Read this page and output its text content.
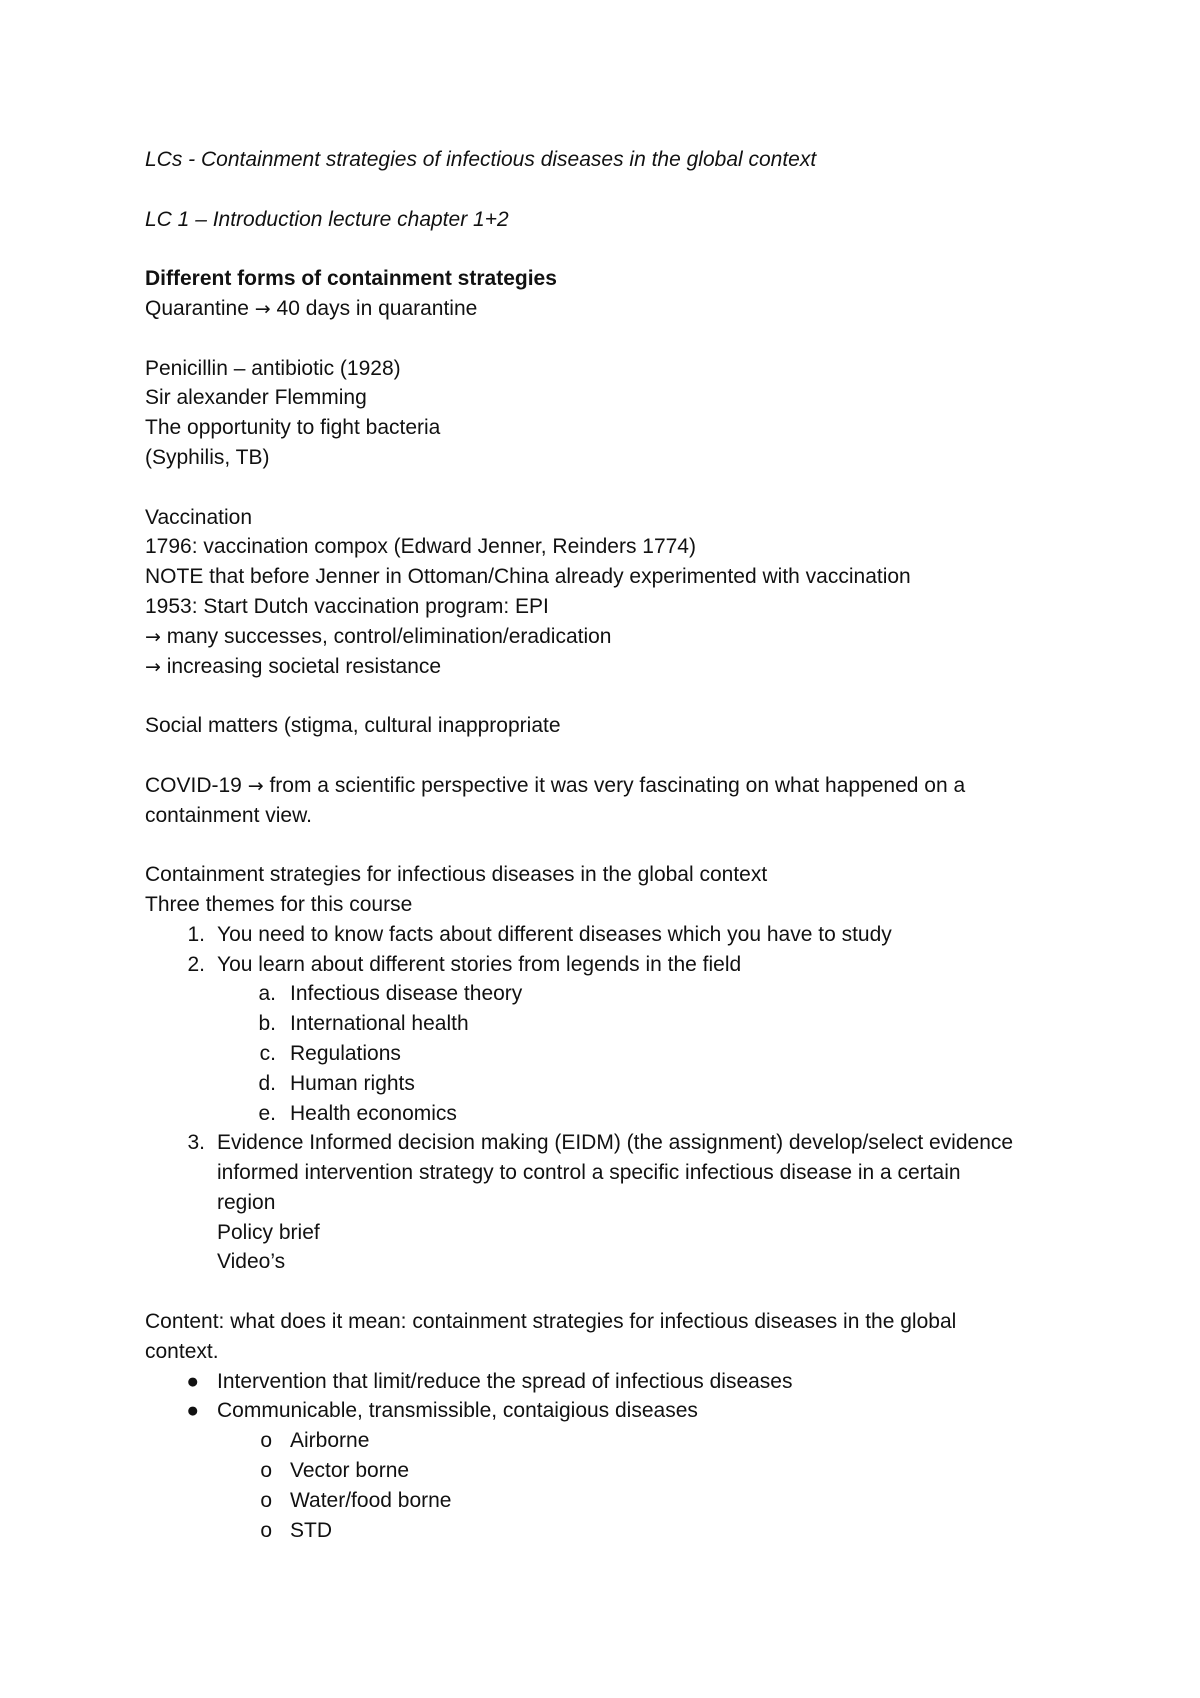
LCs - Containment strategies of infectious diseases in the global context
LC 1 – Introduction lecture chapter 1+2
Different forms of containment strategies
Quarantine → 40 days in quarantine
Penicillin – antibiotic (1928)
Sir alexander Flemming
The opportunity to fight bacteria
(Syphilis, TB)
Vaccination
1796: vaccination compox (Edward Jenner, Reinders 1774)
NOTE that before Jenner in Ottoman/China already experimented with vaccination
1953: Start Dutch vaccination program: EPI
→ many successes, control/elimination/eradication
→ increasing societal resistance
Social matters (stigma, cultural inappropriate
COVID-19 → from a scientific perspective it was very fascinating on what happened on a
containment view.
Containment strategies for infectious diseases in the global context
Three themes for this course
1. You need to know facts about different diseases which you have to study
2. You learn about different stories from legends in the field
a. Infectious disease theory
b. International health
c. Regulations
d. Human rights
e. Health economics
3. Evidence Informed decision making (EIDM) (the assignment) develop/select evidence
informed intervention strategy to control a specific infectious disease in a certain
region
Policy brief
Video’s
Content: what does it mean: containment strategies for infectious diseases in the global
context.
● Intervention that limit/reduce the spread of infectious diseases
● Communicable, transmissible, contaigious diseases
o Airborne
o Vector borne
o Water/food borne
o STD
